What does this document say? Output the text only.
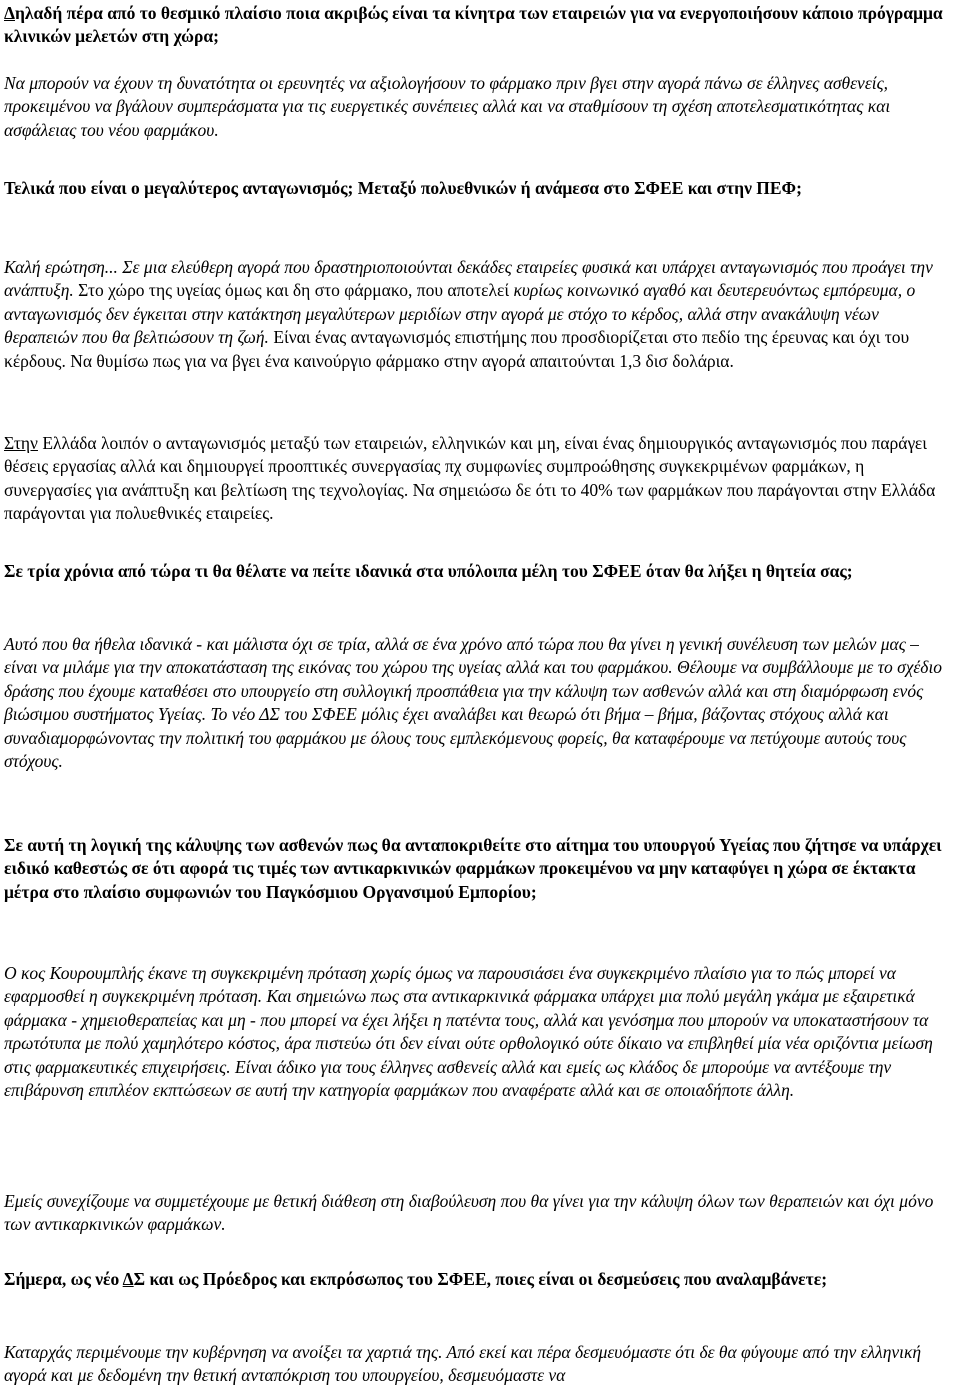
Δηλαδή πέρα από το θεσμικό πλαίσιο ποια ακριβώς είναι τα κίνητρα των εταιρειών για να ενεργοποιήσουν κάποιο πρόγραμμα κλινικών μελετών στη χώρα;

Να μπορούν να έχουν τη δυνατότητα οι ερευνητές να αξιολογήσουν το φάρμακο πριν βγει στην αγορά πάνω σε έλληνες ασθενείς, προκειμένου να βγάλουν συμπεράσματα για τις ευεργετικές συνέπειες αλλά και να σταθμίσουν τη σχέση αποτελεσματικότητας και ασφάλειας του νέου φαρμάκου.

Τελικά που είναι ο μεγαλύτερος ανταγωνισμός; Μεταξύ πολυεθνικών ή ανάμεσα στο ΣΦΕΕ και στην ΠΕΦ;

Καλή ερώτηση... Σε μια ελεύθερη αγορά που δραστηριοποιούνται δεκάδες εταιρείες φυσικά και υπάρχει ανταγωνισμός που προάγει την ανάπτυξη. Στο χώρο της υγείας όμως και δη στο φάρμακο, που αποτελεί κυρίως κοινωνικό αγαθό και δευτερευόντως εμπόρευμα, ο ανταγωνισμός δεν έγκειται στην κατάκτηση μεγαλύτερων μεριδίων στην αγορά με στόχο το κέρδος, αλλά στην ανακάλυψη νέων θεραπειών που θα βελτιώσουν τη ζωή. Είναι ένας ανταγωνισμός επιστήμης που προσδιορίζεται στο πεδίο της έρευνας και όχι του κέρδους. Να θυμίσω πως για να βγει ένα καινούργιο φάρμακο στην αγορά απαιτούνται 1,3 δισ δολάρια.

Στην Ελλάδα λοιπόν ο ανταγωνισμός μεταξύ των εταιρειών, ελληνικών και μη, είναι ένας δημιουργικός ανταγωνισμός που παράγει θέσεις εργασίας αλλά και δημιουργεί προοπτικές συνεργασίας πχ συμφωνίες συμπροώθησης συγκεκριμένων φαρμάκων, η συνεργασίες για ανάπτυξη και βελτίωση της τεχνολογίας. Να σημειώσω δε ότι το 40% των φαρμάκων που παράγονται στην Ελλάδα παράγονται για πολυεθνικές εταιρείες.

Σε τρία χρόνια από τώρα τι θα θέλατε να πείτε ιδανικά στα υπόλοιπα μέλη του ΣΦΕΕ όταν θα λήξει η θητεία σας;

Αυτό που θα ήθελα ιδανικά - και μάλιστα όχι σε τρία, αλλά σε ένα χρόνο από τώρα που θα γίνει η γενική συνέλευση των μελών μας – είναι να μιλάμε για την αποκατάσταση της εικόνας του χώρου της υγείας αλλά και του φαρμάκου. Θέλουμε να συμβάλλουμε με το σχέδιο δράσης που έχουμε καταθέσει στο υπουργείο στη συλλογική προσπάθεια για την κάλυψη των ασθενών αλλά και στη διαμόρφωση ενός βιώσιμου συστήματος Υγείας. Το νέο ΔΣ του ΣΦΕΕ μόλις έχει αναλάβει και θεωρώ ότι βήμα – βήμα, βάζοντας στόχους αλλά και συναδιαμορφώνοντας την πολιτική του φαρμάκου με όλους τους εμπλεκόμενους φορείς, θα καταφέρουμε να πετύχουμε αυτούς τους στόχους.

Σε αυτή τη λογική της κάλυψης των ασθενών πως θα ανταποκριθείτε στο αίτημα του υπουργού Υγείας που ζήτησε να υπάρχει ειδικό καθεστώς σε ότι αφορά τις τιμές των αντικαρκινικών φαρμάκων προκειμένου να μην καταφύγει η χώρα σε έκτακτα μέτρα στο πλαίσιο συμφωνιών του Παγκόσμιου Οργανσιμού Εμπορίου;

Ο κος Κουρουμπλής έκανε τη συγκεκριμένη πρόταση χωρίς όμως να παρουσιάσει ένα συγκεκριμένο πλαίσιο για το πώς μπορεί να εφαρμοσθεί η συγκεκριμένη πρόταση. Και σημειώνω πως στα αντικαρκινικά φάρμακα υπάρχει μια πολύ μεγάλη γκάμα με εξαιρετικά φάρμακα - χημειοθεραπείας και μη - που μπορεί να έχει λήξει η πατέντα τους, αλλά και γενόσημα που μπορούν να υποκαταστήσουν τα πρωτότυπα με πολύ χαμηλότερο κόστος, άρα πιστεύω ότι δεν είναι ούτε ορθολογικό ούτε δίκαιο να επιβληθεί μία νέα οριζόντια μείωση στις φαρμακευτικές επιχειρήσεις. Είναι άδικο για τους έλληνες ασθενείς αλλά και εμείς ως κλάδος δε μπορούμε να αντέξουμε την επιβάρυνση επιπλέον εκπτώσεων σε αυτή την κατηγορία φαρμάκων που αναφέρατε αλλά και σε οποιαδήποτε άλλη.

Εμείς συνεχίζουμε να συμμετέχουμε με θετική διάθεση στη διαβούλευση που θα γίνει για την κάλυψη όλων των θεραπειών και όχι μόνο των αντικαρκινικών φαρμάκων.

Σήμερα, ως νέο ΔΣ και ως Πρόεδρος και εκπρόσωπος του ΣΦΕΕ, ποιες είναι οι δεσμεύσεις που αναλαμβάνετε;

Καταρχάς περιμένουμε την κυβέρνηση να ανοίξει τα χαρτιά της. Από εκεί και πέρα δεσμευόμαστε ότι δε θα φύγουμε από την ελληνική αγορά και με δεδομένη την θετική ανταπόκριση του υπουργείου, δεσμευόμαστε να
